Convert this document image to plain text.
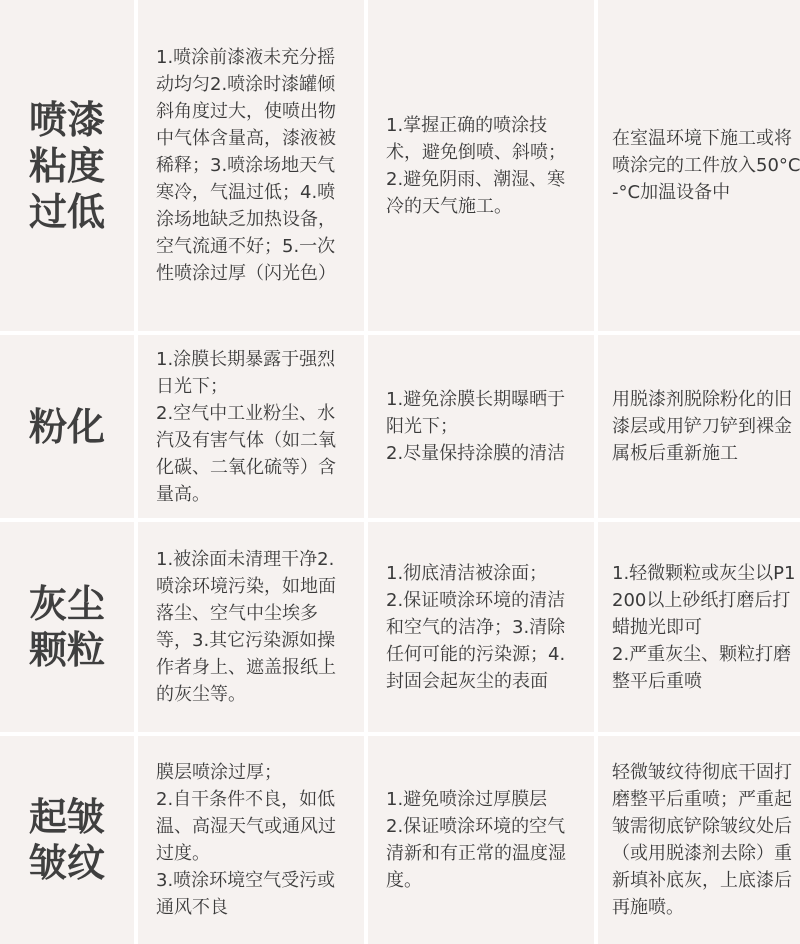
喷漆粘度过低
1.喷涂前漆液未充分摇动均匀2.喷涂时漆罐倾斜角度过大，使喷出物中气体含量高，漆液被稀释；3.喷涂场地天气寒冷，气温过低；4.喷涂场地缺乏加热设备，空气流通不好；5.一次性喷涂过厚（闪光色）
1.掌握正确的喷涂技术，避免倒喷、斜喷；
2.避免阴雨、潮湿、寒冷的天气施工。
在室温环境下施工或将喷涂完的工件放入50°C-°C加温设备中
粉化
1.涂膜长期暴露于强烈日光下；
2.空气中工业粉尘、水汽及有害气体（如二氧化碳、二氧化硫等）含量高。
1.避免涂膜长期曝晒于阳光下；
2.尽量保持涂膜的清洁
用脱漆剂脱除粉化的旧漆层或用铲刀铲到裸金属板后重新施工
灰尘颗粒
1.被涂面未清理干净2.喷涂环境污染，如地面落尘、空气中尘埃多等，3.其它污染源如操作者身上、遮盖报纸上的灰尘等。
1.彻底清洁被涂面；
2.保证喷涂环境的清洁和空气的洁净；3.清除任何可能的污染源；4.封固会起灰尘的表面
1.轻微颗粒或灰尘以P1200以上砂纸打磨后打蜡抛光即可
2.严重灰尘、颗粒打磨整平后重喷
起皱皱纹
膜层喷涂过厚；
2.自干条件不良，如低温、高湿天气或通风过过度。
3.喷涂环境空气受污或通风不良
1.避免喷涂过厚膜层
2.保证喷涂环境的空气清新和有正常的温度湿度。
轻微皱纹待彻底干固打磨整平后重喷；严重起皱需彻底铲除皱纹处后（或用脱漆剂去除）重新填补底灰，上底漆后再施喷。
